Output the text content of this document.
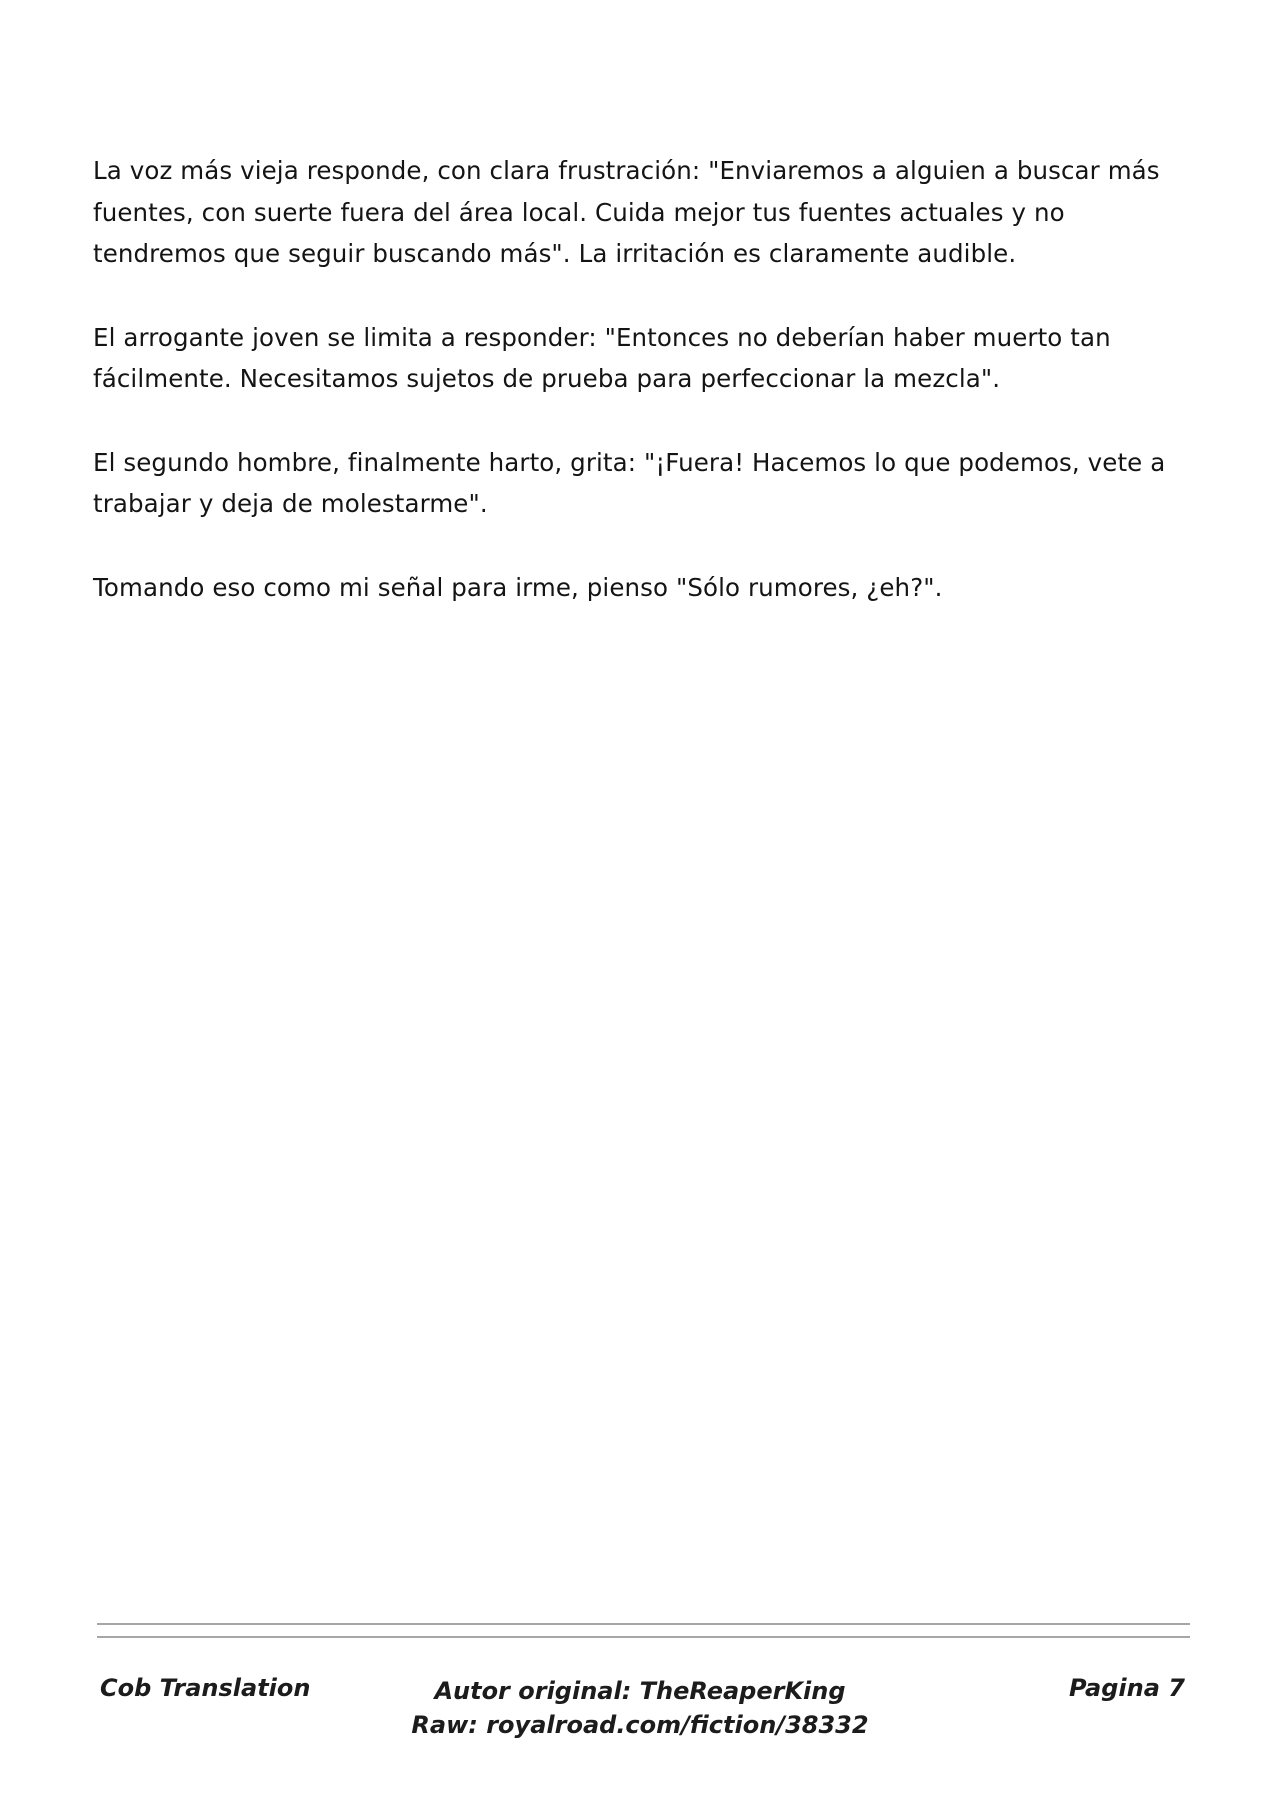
La voz más vieja responde, con clara frustración: "Enviaremos a alguien a buscar más fuentes, con suerte fuera del área local. Cuida mejor tus fuentes actuales y no tendremos que seguir buscando más". La irritación es claramente audible.

El arrogante joven se limita a responder: "Entonces no deberían haber muerto tan fácilmente. Necesitamos sujetos de prueba para perfeccionar la mezcla".

El segundo hombre, finalmente harto, grita: "¡Fuera! Hacemos lo que podemos, vete a trabajar y deja de molestarme".

Tomando eso como mi señal para irme, pienso "Sólo rumores, ¿eh?".

Cob Translation	Autor original: TheReaperKing
Raw: royalroad.com/fiction/38332
Pagina 7
